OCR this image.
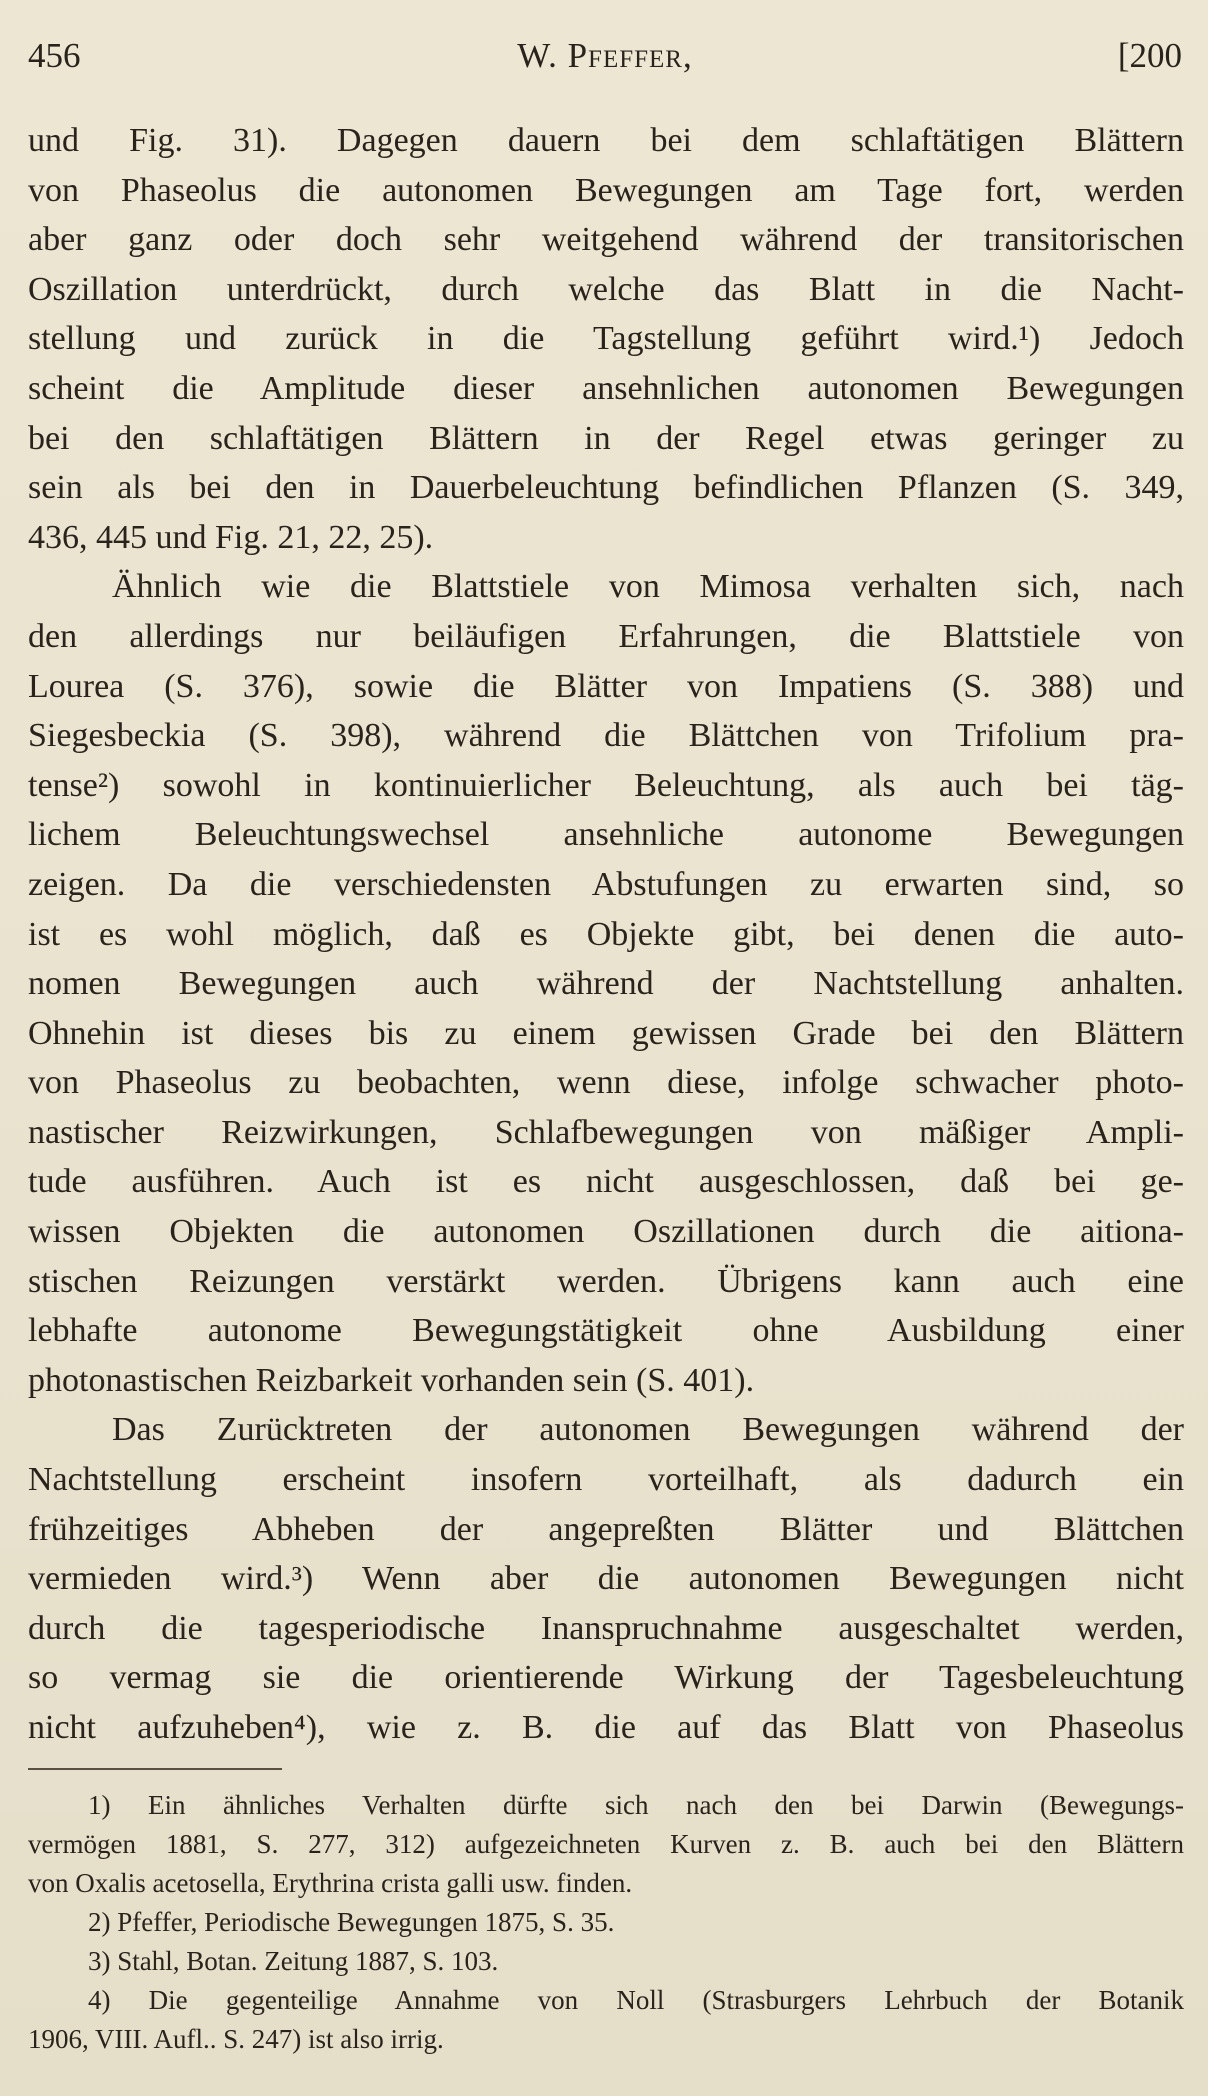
456	W. Pfeffer,	[200
und Fig. 31). Dagegen dauern bei dem schlaftätigen Blättern
von Phaseolus die autonomen Bewegungen am Tage fort, werden
aber ganz oder doch sehr weitgehend während der transitorischen
Oszillation unterdrückt, durch welche das Blatt in die Nacht-
stellung und zurück in die Tagstellung geführt wird.¹) Jedoch
scheint die Amplitude dieser ansehnlichen autonomen Bewegungen
bei den schlaftätigen Blättern in der Regel etwas geringer zu
sein als bei den in Dauerbeleuchtung befindlichen Pflanzen (S. 349,
436, 445 und Fig. 21, 22, 25).
Ähnlich wie die Blattstiele von Mimosa verhalten sich, nach
den allerdings nur beiläufigen Erfahrungen, die Blattstiele von
Lourea (S. 376), sowie die Blätter von Impatiens (S. 388) und
Siegesbeckia (S. 398), während die Blättchen von Trifolium pra-
tense²) sowohl in kontinuierlicher Beleuchtung, als auch bei täg-
lichem Beleuchtungswechsel ansehnliche autonome Bewegungen
zeigen. Da die verschiedensten Abstufungen zu erwarten sind, so
ist es wohl möglich, daß es Objekte gibt, bei denen die auto-
nomen Bewegungen auch während der Nachtstellung anhalten.
Ohnehin ist dieses bis zu einem gewissen Grade bei den Blättern
von Phaseolus zu beobachten, wenn diese, infolge schwacher photo-
nastischer Reizwirkungen, Schlafbewegungen von mäßiger Ampli-
tude ausführen. Auch ist es nicht ausgeschlossen, daß bei ge-
wissen Objekten die autonomen Oszillationen durch die aitiona-
stischen Reizungen verstärkt werden. Übrigens kann auch eine
lebhafte autonome Bewegungstätigkeit ohne Ausbildung einer
photonastischen Reizbarkeit vorhanden sein (S. 401).
Das Zurücktreten der autonomen Bewegungen während der
Nachtstellung erscheint insofern vorteilhaft, als dadurch ein
frühzeitiges Abheben der angepreßten Blätter und Blättchen
vermieden wird.³) Wenn aber die autonomen Bewegungen nicht
durch die tagesperiodische Inanspruchnahme ausgeschaltet werden,
so vermag sie die orientierende Wirkung der Tagesbeleuchtung
nicht aufzuheben⁴), wie z. B. die auf das Blatt von Phaseolus
1) Ein ähnliches Verhalten dürfte sich nach den bei Darwin (Bewegungs-
vermögen 1881, S. 277, 312) aufgezeichneten Kurven z. B. auch bei den Blättern
von Oxalis acetosella, Erythrina crista galli usw. finden.
2) Pfeffer, Periodische Bewegungen 1875, S. 35.
3) Stahl, Botan. Zeitung 1887, S. 103.
4) Die gegenteilige Annahme von Noll (Strasburgers Lehrbuch der Botanik
1906, VIII. Aufl.. S. 247) ist also irrig.
